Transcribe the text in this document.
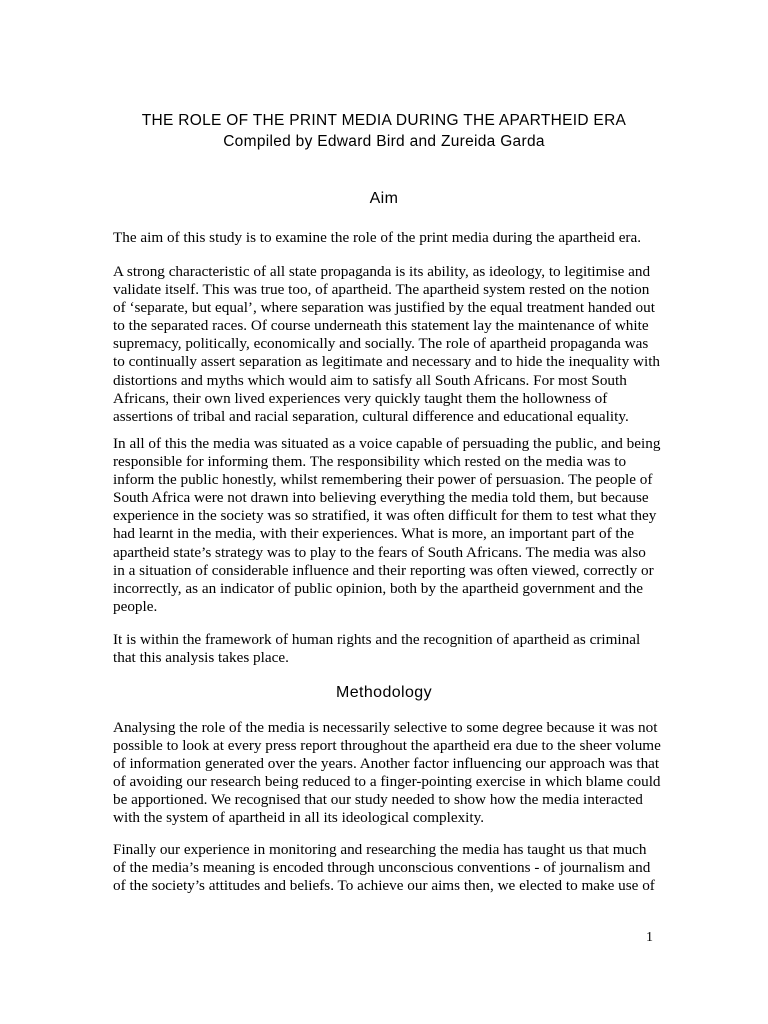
THE ROLE OF THE PRINT MEDIA DURING THE APARTHEID ERA
Compiled by Edward Bird and Zureida Garda
Aim

The aim of this study is to examine the role of the print media during the apartheid era.

A strong characteristic of all state propaganda is its ability, as ideology, to legitimise and validate itself. This was true too, of apartheid. The apartheid system rested on the notion of ‘separate, but equal’, where separation was justified by the equal treatment handed out to the separated races. Of course underneath this statement lay the maintenance of white supremacy, politically, economically and socially. The role of apartheid propaganda was to continually assert separation as legitimate and necessary and to hide the inequality with distortions and myths which would aim to satisfy all South Africans. For most South Africans, their own lived experiences very quickly taught them the hollowness of assertions of tribal and racial separation, cultural difference and educational equality.

In all of this the media was situated as a voice capable of persuading the public, and being responsible for informing them. The responsibility which rested on the media was to inform the public honestly, whilst remembering their power of persuasion. The people of South Africa were not drawn into believing everything the media told them, but because experience in the society was so stratified, it was often difficult for them to test what they had learnt in the media, with their experiences. What is more, an important part of the apartheid state’s strategy was to play to the fears of South Africans. The media was also in a situation of considerable influence and their reporting was often viewed, correctly or incorrectly, as an indicator of public opinion, both by the apartheid government and the people.

It is within the framework of human rights and the recognition of apartheid as criminal that this analysis takes place.

Methodology

Analysing the role of the media is necessarily selective to some degree because it was not possible to look at every press report throughout the apartheid era due to the sheer volume of information generated over the years. Another factor influencing our approach was that of avoiding our research being reduced to a finger-pointing exercise in which blame could be apportioned. We recognised that our study needed to show how the media interacted with the system of apartheid in all its ideological complexity.

Finally our experience in monitoring and researching the media has taught us that much of the media’s meaning is encoded through unconscious conventions - of journalism and of the society’s attitudes and beliefs. To achieve our aims then, we elected to make use of

1
